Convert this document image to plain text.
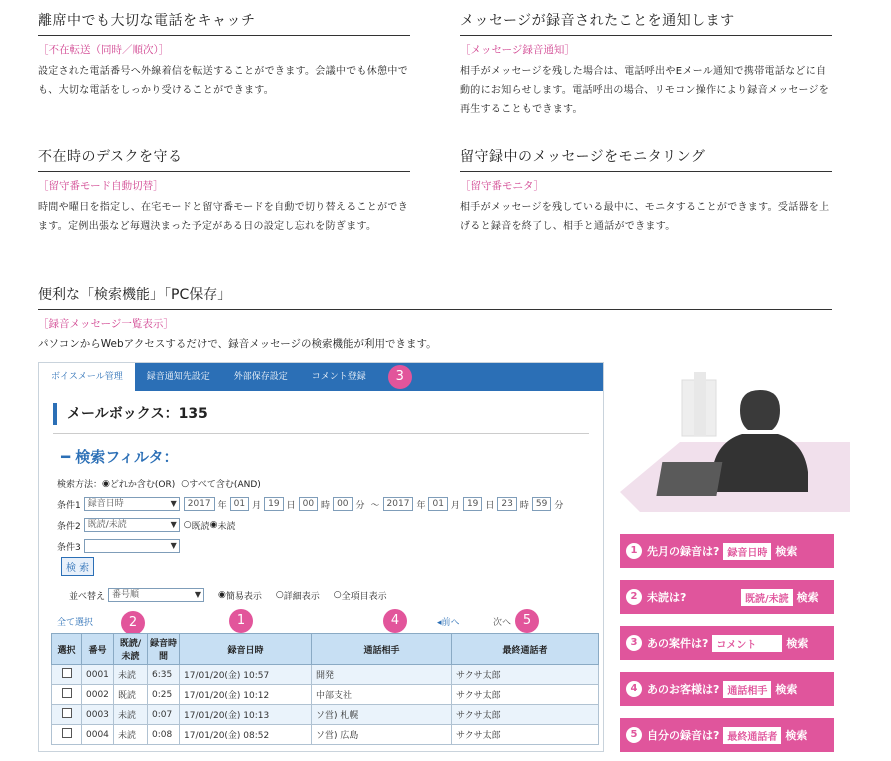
離席中でも大切な電話をキャッチ
［不在転送（同時／順次）］

設定された電話番号へ外線着信を転送することができます。会議中でも休憩中でも、大切な電話をしっかり受けることができます。

メッセージが録音されたことを通知します
［メッセージ録音通知］

相手がメッセージを残した場合は、電話呼出やEメール通知で携帯電話などに自動的にお知らせします。電話呼出の場合、リモコン操作により録音メッセージを再生することもできます。

不在時のデスクを守る
［留守番モード自動切替］

時間や曜日を指定し、在宅モードと留守番モードを自動で切り替えることができます。定例出張など毎週決まった予定がある日の設定し忘れを防ぎます。

留守録中のメッセージをモニタリング
［留守番モニタ］

相手がメッセージを残している最中に、モニタすることができます。受話器を上げると録音を終了し、相手と通話ができます。

便利な「検索機能」「PC保存」
［録音メッセージ一覧表示］

パソコンからWebアクセスするだけで、録音メッセージの検索機能が利用できます。

ボイスメール管理	録音通知先設定	外部保存設定	コメント登録	3
メールボックス：135
━ 検索フィルタ：
検索方法： ◉ どれか含む(OR) ○ すべて含む(AND)
条件1 録音日時 ▼	2017 年 01 月 19 日 00 時 00 分 〜 2017 年 01 月 19 日 23 時 59 分
条件2 既読/未読 ▼	○ 既読 ◉ 未読
条件3
▼
検 索
並べ替え 番号順 ▼	◉ 簡易表示 ○ 詳細表示 ○ 全項目表示
全て選択	2	1	4	◂前へ	次へ 5
選択	番号	既読/未読	録音時間	録音日時	通話相手	最終通話者
	0001	未読	6:35	17/01/20(金) 10:57	開発	サクサ太郎
	0002	既読	0:25	17/01/20(金) 10:12	中部支社	サクサ太郎
	0003	未読	0:07	17/01/20(金) 10:13	ソ営) 札幌	サクサ太郎
	0004	未読	0:08	17/01/20(金) 08:52	ソ営) 広島	サクサ太郎
1 先月の録音は? 録音日時 検索
2 未読は?	既読/未読 検索
3 あの案件は? コメント	検索
4 あのお客様は? 通話相手 検索
5 自分の録音は? 最終通話者 検索
